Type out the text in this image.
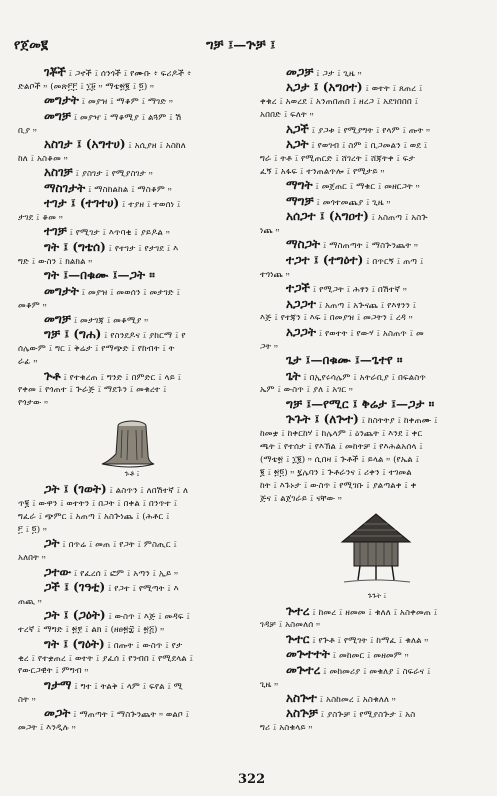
የጀመ፪	ግቻ ፤—ጕቻ ፤
ገቾች ፤ ጋኖች ፤ ሰንጎች ፤ የሙቡ ፥ ፍሪዶች ፥
ድልቦች ። (መጽ፫፫ ፤ ፲፱ ። ማቴ፳፪ ፤ ፬) ።
መግታት ፤ መያዝ ፤ ማቆም ፤ ማገድ ።
መግቻ ፤ መያዣ ፤ ማቆሚያ ፤ ልጓም ፤ ሽ
ቢያ ።
አስገታ ፤ (አግተሀ) ፤ አሲያዘ ፤ አስከለ
ከለ ፤ አስቆመ ።
አስገቻ ፤ ያስገታ ፤ የሚያስገታ ።
ማስገታት ፤ ማስከልከል ፤ ማስቆም ።
ተገታ ፤ (ተገተሀ) ፤ ተያዘ ፤ ተወሰነ ፤
ታገደ ፤ ቆመ ።
ተገቻ ፤ የሚገታ ፤ እጥባቂ ፤ ያይዶል ።
ግት ፤ (ግቴሰ) ፤ የተገታ ፤ የታገደ ፤ እ
ግድ ፤ ውስን ፤ ክልክል ።
ግት ፤—በቁሙ ፤—ጋት ።
መግታት ፤ መያዝ ፤ መወሰን ፤ መታገድ ፤
መቆም ።
መግቻ ፤ መታገጃ ፤ መቆሚያ ።
ግቻ ፤ (ግሐ) ፤ የስንደዶና ፤ ያከርማ ፤ የ
ሰሌውም ፤ ግር ፤ ቅሬታ ፤ የማጭድ ፤ የከብት ፤ ት
ራፊ ።
ጕቶ ፤ የተቁረጠ ፤ ግንድ ፤ በምድር ፤ ላይ ፤
የቀመ ፤ የጎጠተ ፤ ጕራጅ ፤ ማደጉን ፤ መቁረተ ፤
የጎታው ።
ጕቶ ፤
ጋት ፤ (ገወት) ፤ ልስጥን ፤ ለበሽተኛ ፤ ለ
ጥ፪ ፤ ውዋን ፤ ወተትን ፤ በጋት ፤ በቀል ፤ በንጥተ ፤
ግፈራ ፤ ጭምር ፤ አጠጣ ፤ አስጕነጨ ፤ (ሕቶር ፤
፫ ፤ ፬) ።
ጋት ፤ በጥሬ ፤ መጠ ፤ የጋት ፤ ምስጢር ፤
አለበት ።
ጋተው ፤ የፈረሰ ፤ ፎም ፤ አጣን ፤ ኢይ ።
ጋች ፤ (ገዓቲ) ፤ የጋተ ፤ የሚጣት ፤ እ
ጠጪ ።
ጋት ፤ (ጋዕት) ፤ ውስጥ ፤ እጅ ፤ መዳፍ ፤
ተረኛ ፤ ማግድ ፤ ፳፻ ፤ ልክ ፤ (ዘፀ፳፰ ፤ ፳፭) ።
ግት ፤ (ግዕት) ፤ በጡት ፤ ውስጥ ፤ የታ
ቂረ ፤ የተቋጠረ ፤ ወተት ፤ ያፈሰ ፤ የንብበ ፤ የሚደላል ፤
የውርጋዊት ፤ ምግብ ።
ግታማ ፤ ግተ ፤ ትልቅ ፤ ላም ፤ ፍየል ፤ ሚ
ስት ።
መጋት ፤ ማጠጣት ፤ ማስጕንጨት ። ወልቦ ፤
መጋት ፤ እንዲሉ ።
መጋቻ ፤ ጋታ ፤ ጊዜ ።
አጋታ ፤ (አግዐተ) ፤ ወተት ፤ ጸጠረ ፤
ቀቁረ ፤ አወረደ ፤ አንጠበጠበ ፤ ዘረጋ ፤ አደገበበበ ፤
አበበድ ፤ ፍለት ።
አጋች ፤ ያጋቱ ፤ የሚያግት ፤ የላም ፤ ጡት ።
አጋት ፤ የወገብ ፤ ስም ፤ ቢጋመልን ፤ ወደ ፤
ግራ ፤ ትቶ ፤ የሚጠርድ ፤ ሸገረት ፤ ሸጃትቀ ፤ ፍታ
ፈኝ ፤ አፋፍ ፤ ተንጠልጥሎ ፤ የሚታይ ።
ማግት ፤ መጀጠር ፤ ማቁር ፤ መዘርጋት ።
ማግቻ ፤ መጎተመጨያ ፤ ጊዜ ።
አሰጋተ ፤ (አግዐተ) ፤ አስጠጣ ፤ አስጕ
ነጨ ።
ማስጋት ፤ ማስጠጣት ፤ ማስጕንጨት ።
ተጋተ ፤ (ተግዕተ) ፤ በጥርኝ ፤ ጠጣ ፤
ተጎነጨ ።
ተጋች ፤ የሚጋት ፤ ሕፃን ፤ በሽተኛ ።
አጋጋተ ፤ አጠጣ ፤ አጕናጨ ፤ የእፃንን ፤
እጅ ፤ የተጃን ፤ እፍ ፤ በመያዝ ፤ መጋትን ፤ ረዳ ።
አጋጋት ፤ የወተት ፤ የውሃ ፤ አስጠጥ ፤ መ
ጋት ።
ጌታ ፤—በቁሙ ፤—ጌተየ ።
ጌት ፤ በኢየሩሳሌም ፤ አትራቢያ ፤ በፍልስጥ
ኤም ፤ ውስጥ ፤ ያለ ፤ አገር ።
ግቻ ፤—የሚር ፤ ቅሬታ ፤—ጋታ ።
ጕጉት ፤ (ለጕተ) ፤ ከስትትያ ፤ ከቀጠሙ ፤
ከመቋ ፤ ከቀርከሃ ፤ ከሌላም ፤ ዕንጨት ፤ እንደ ፤ ቀር
ጫት ፤ የተሰታ ፤ የእኽል ፤ መከትቻ ፤ የእሕልአሰላ ፤
(ማቴ፳ ፤ ፲፪) ። ሲበዛ ፤ ጕቶች ፤ ይላል ። (የኤል ፤
፪ ፤ ፳፬) ። ፯ሌባን ፤ ጕቶራንና ፤ ሪቀን ፤ ተገመል
ከት ፤ እጉኑታ ፤ ውስጥ ፤ የሚገቡ ፤ ያልጣልቀ ፤ ቀ
ጅና ፤ ልጀገራይ ፤ ናቸው ።
ጉጉት ፤
ጕተረ ፤ ከመረ ፤ ዘመመ ፤ ቁለለ ፤ አስቀመጠ ፤
ገዳቻ ፤ አስመለሰ ።
ጕተር ፤ የጕቶ ፤ የሚገት ፤ ከማፈ ፤ ቁለል ።
መጕተተት ፤ መከመር ፤ መዘመም ።
መጕተረ ፤ መከመሪያ ፤ መቁለያ ፤ ስፍራና ፤
ጊዜ ።
አስጕተ ፤ አስከመረ ፤ አስቁለለ ።
አስጕቻ ፤ ያስጕቻ ፤ የሚያስጕታ ፤ አስ
ግሪ ፤ አስቁላይ ።
322
